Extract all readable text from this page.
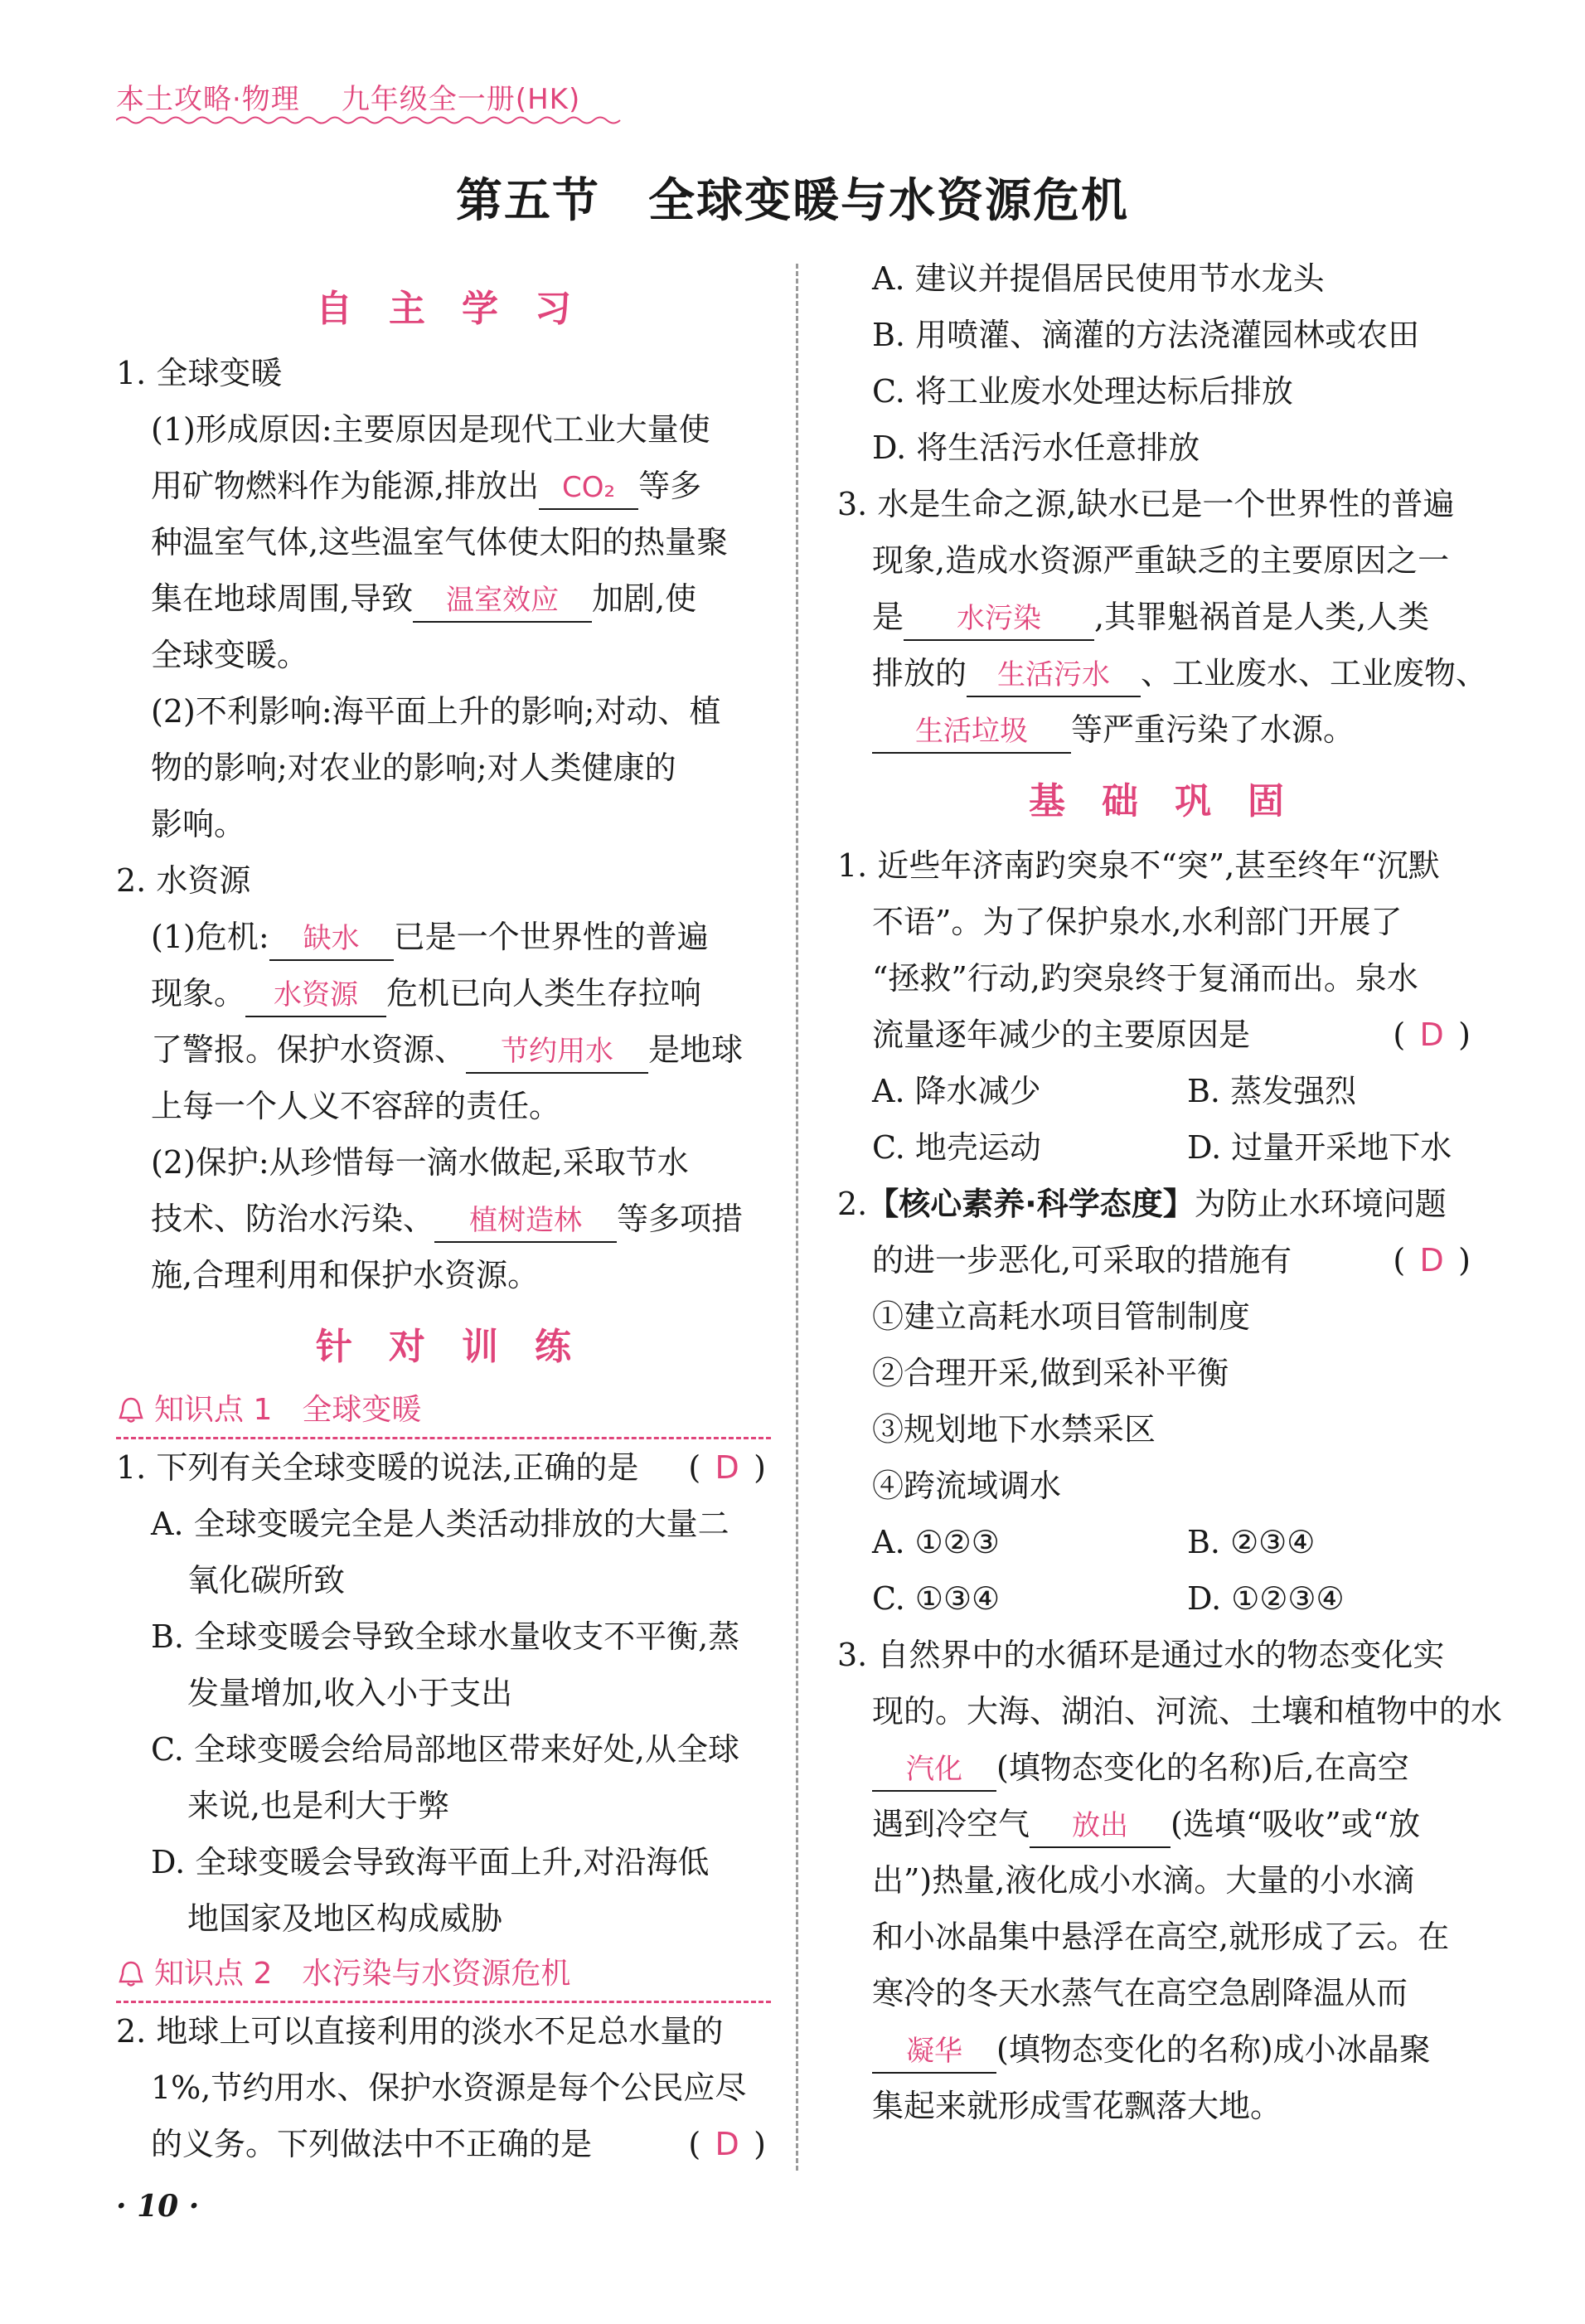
本土攻略·物理 九年级全一册(HK)
第五节　全球变暖与水资源危机
自 主 学 习
1. 全球变暖
(1)形成原因:主要原因是现代工业大量使
用矿物燃料作为能源,排放出 CO₂ 等多
种温室气体,这些温室气体使太阳的热量聚
集在地球周围,导致 温室效应 加剧,使
全球变暖。
(2)不利影响:海平面上升的影响;对动、植
物的影响;对农业的影响;对人类健康的
影响。
2. 水资源
(1)危机: 缺水 已是一个世界性的普遍
现象。 水资源 危机已向人类生存拉响
了警报。保护水资源、 节约用水 是地球
上每一个人义不容辞的责任。
(2)保护:从珍惜每一滴水做起,采取节水
技术、防治水污染、 植树造林 等多项措
施,合理利用和保护水资源。
针 对 训 练
知识点 1　全球变暖
1. 下列有关全球变暖的说法,正确的是 ( D )
A. 全球变暖完全是人类活动排放的大量二
氧化碳所致
B. 全球变暖会导致全球水量收支不平衡,蒸
发量增加,收入小于支出
C. 全球变暖会给局部地区带来好处,从全球
来说,也是利大于弊
D. 全球变暖会导致海平面上升,对沿海低
地国家及地区构成威胁
知识点 2　水污染与水资源危机
2. 地球上可以直接利用的淡水不足总水量的
1%,节约用水、保护水资源是每个公民应尽
的义务。下列做法中不正确的是	( D )
A. 建议并提倡居民使用节水龙头
B. 用喷灌、滴灌的方法浇灌园林或农田
C. 将工业废水处理达标后排放
D. 将生活污水任意排放
3. 水是生命之源,缺水已是一个世界性的普遍
现象,造成水资源严重缺乏的主要原因之一
是 水污染 ,其罪魁祸首是人类,人类
排放的 生活污水 、工业废水、工业废物、
生活垃圾 等严重污染了水源。
基 础 巩 固
1. 近些年济南趵突泉不“突”,甚至终年“沉默
不语”。为了保护泉水,水利部门开展了
“拯救”行动,趵突泉终于复涌而出。泉水
流量逐年减少的主要原因是	( D )
A. 降水减少	B. 蒸发强烈
C. 地壳运动	D. 过量开采地下水
2.【核心素养·科学态度】为防止水环境问题
的进一步恶化,可采取的措施有	( D )
①建立高耗水项目管制制度
②合理开采,做到采补平衡
③规划地下水禁采区
④跨流域调水
A. ①②③	B. ②③④
C. ①③④	D. ①②③④
3. 自然界中的水循环是通过水的物态变化实
现的。大海、湖泊、河流、土壤和植物中的水
汽化 (填物态变化的名称)后,在高空
遇到冷空气 放出 (选填“吸收”或“放
出”)热量,液化成小水滴。大量的小水滴
和小冰晶集中悬浮在高空,就形成了云。在
寒冷的冬天水蒸气在高空急剧降温从而
凝华 (填物态变化的名称)成小冰晶聚
集起来就形成雪花飘落大地。
· 10 ·
